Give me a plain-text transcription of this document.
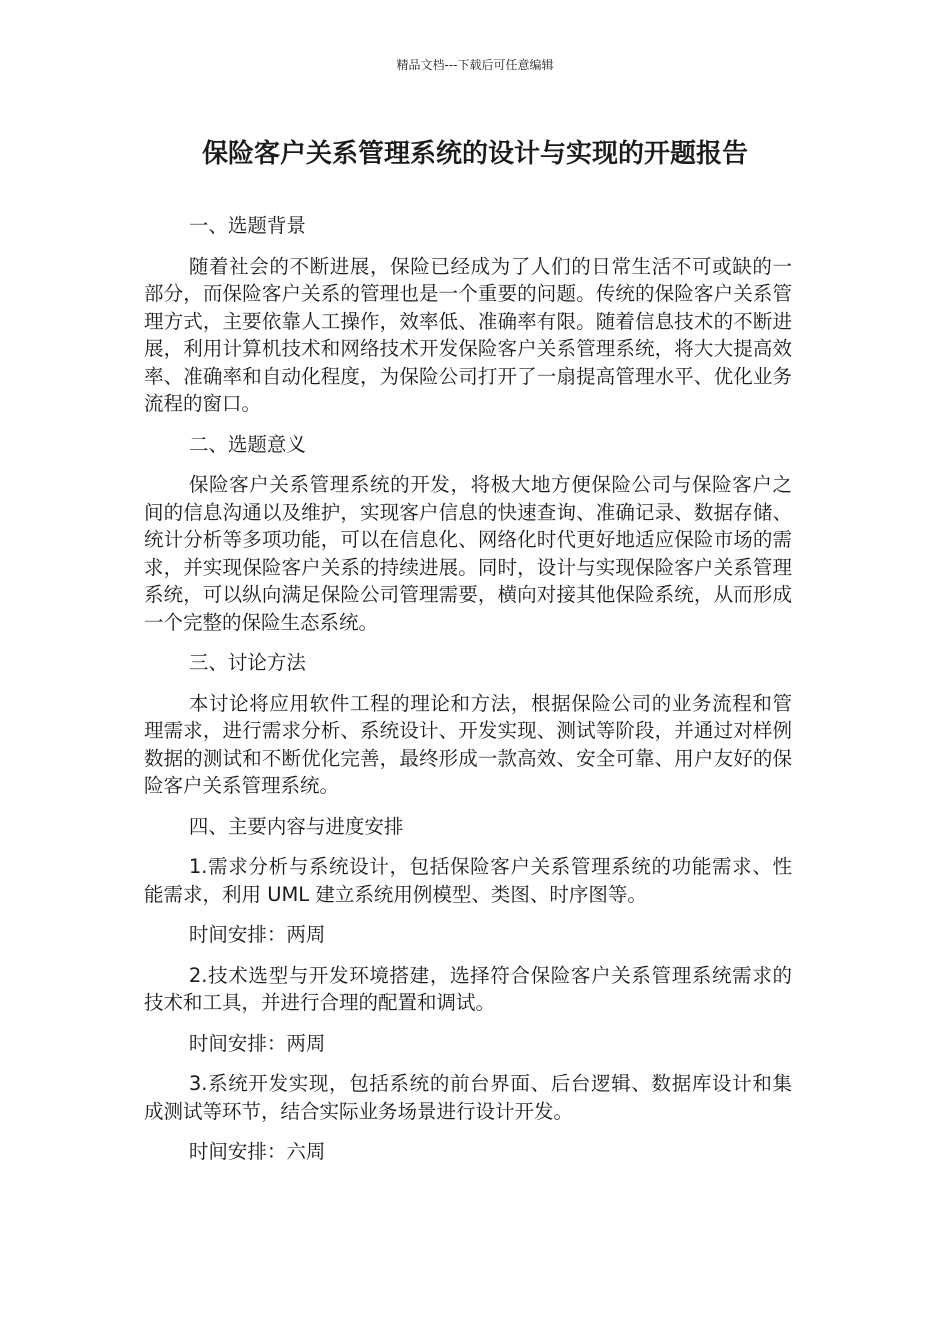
精品文档---下载后可任意编辑
保险客户关系管理系统的设计与实现的开题报告

一、选题背景

随着社会的不断进展，保险已经成为了人们的日常生活不可或缺的一部分，而保险客户关系的管理也是一个重要的问题。传统的保险客户关系管理方式，主要依靠人工操作，效率低、准确率有限。随着信息技术的不断进展，利用计算机技术和网络技术开发保险客户关系管理系统，将大大提高效率、准确率和自动化程度，为保险公司打开了一扇提高管理水平、优化业务流程的窗口。

二、选题意义

保险客户关系管理系统的开发，将极大地方便保险公司与保险客户之间的信息沟通以及维护，实现客户信息的快速查询、准确记录、数据存储、统计分析等多项功能，可以在信息化、网络化时代更好地适应保险市场的需求，并实现保险客户关系的持续进展。同时，设计与实现保险客户关系管理系统，可以纵向满足保险公司管理需要，横向对接其他保险系统，从而形成一个完整的保险生态系统。

三、讨论方法

本讨论将应用软件工程的理论和方法，根据保险公司的业务流程和管理需求，进行需求分析、系统设计、开发实现、测试等阶段，并通过对样例数据的测试和不断优化完善，最终形成一款高效、安全可靠、用户友好的保险客户关系管理系统。

四、主要内容与进度安排

1.需求分析与系统设计，包括保险客户关系管理系统的功能需求、性能需求，利用 UML 建立系统用例模型、类图、时序图等。

时间安排：两周

2.技术选型与开发环境搭建，选择符合保险客户关系管理系统需求的技术和工具，并进行合理的配置和调试。

时间安排：两周

3.系统开发实现，包括系统的前台界面、后台逻辑、数据库设计和集成测试等环节，结合实际业务场景进行设计开发。

时间安排：六周
